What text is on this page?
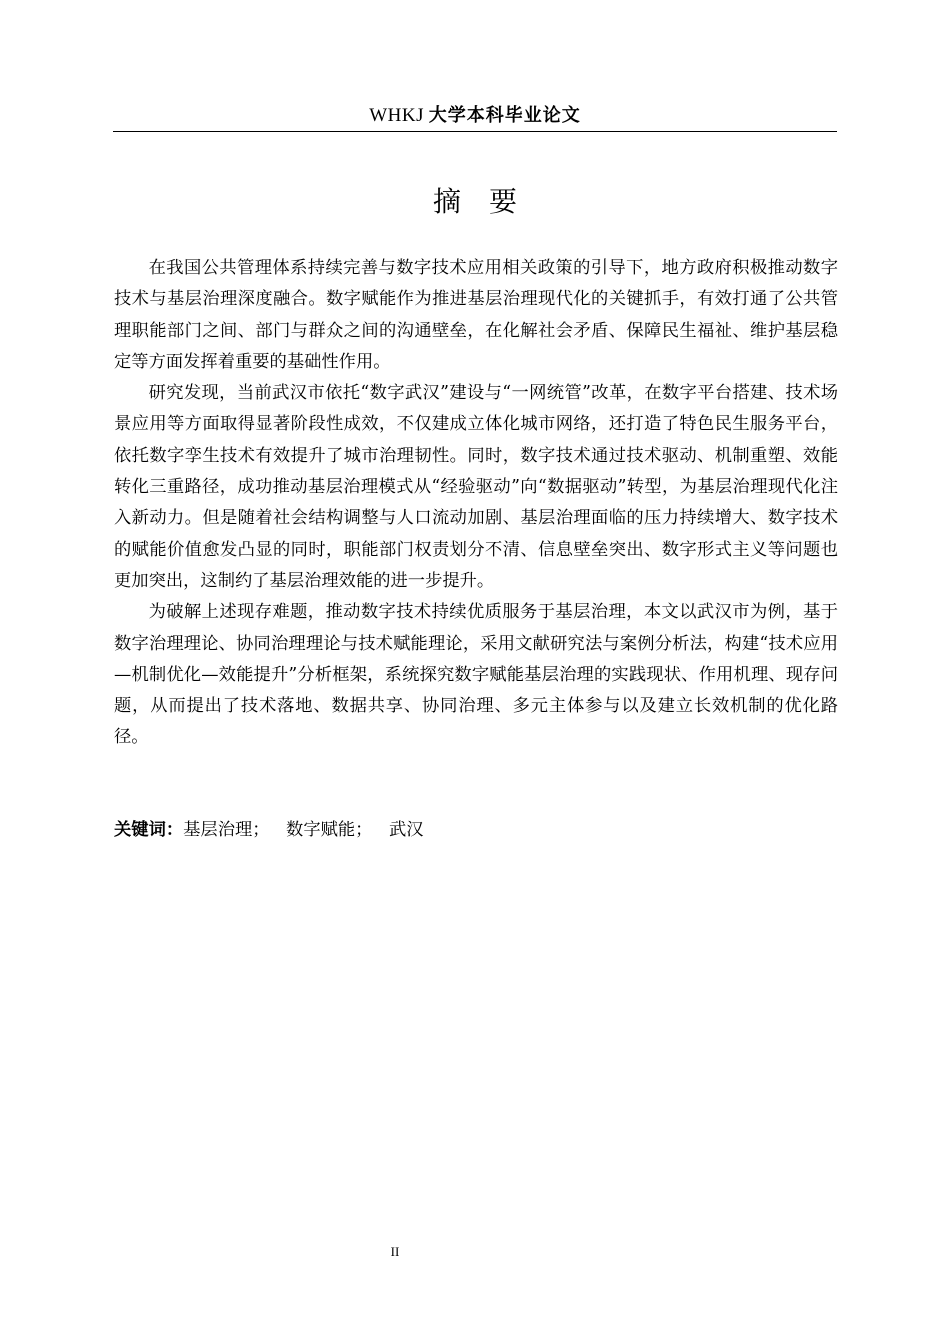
WHKJ 大学本科毕业论文
摘要

在我国公共管理体系持续完善与数字技术应用相关政策的引导下，地方政府积极推动数字技术与基层治理深度融合。数字赋能作为推进基层治理现代化的关键抓手，有效打通了公共管理职能部门之间、部门与群众之间的沟通壁垒，在化解社会矛盾、保障民生福祉、维护基层稳定等方面发挥着重要的基础性作用。

研究发现，当前武汉市依托“数字武汉”建设与“一网统管”改革，在数字平台搭建、技术场景应用等方面取得显著阶段性成效，不仅建成立体化城市网络，还打造了特色民生服务平台，依托数字孪生技术有效提升了城市治理韧性。同时，数字技术通过技术驱动、机制重塑、效能转化三重路径，成功推动基层治理模式从“经验驱动”向“数据驱动”转型，为基层治理现代化注入新动力。但是随着社会结构调整与人口流动加剧、基层治理面临的压力持续增大、数字技术的赋能价值愈发凸显的同时，职能部门权责划分不清、信息壁垒突出、数字形式主义等问题也更加突出，这制约了基层治理效能的进一步提升。

为破解上述现存难题，推动数字技术持续优质服务于基层治理，本文以武汉市为例，基于数字治理理论、协同治理理论与技术赋能理论，采用文献研究法与案例分析法，构建“技术应用—机制优化—效能提升”分析框架，系统探究数字赋能基层治理的实践现状、作用机理、现存问题，从而提出了技术落地、数据共享、协同治理、多元主体参与以及建立长效机制的优化路径。

关键词：基层治理； 数字赋能； 武汉
II
